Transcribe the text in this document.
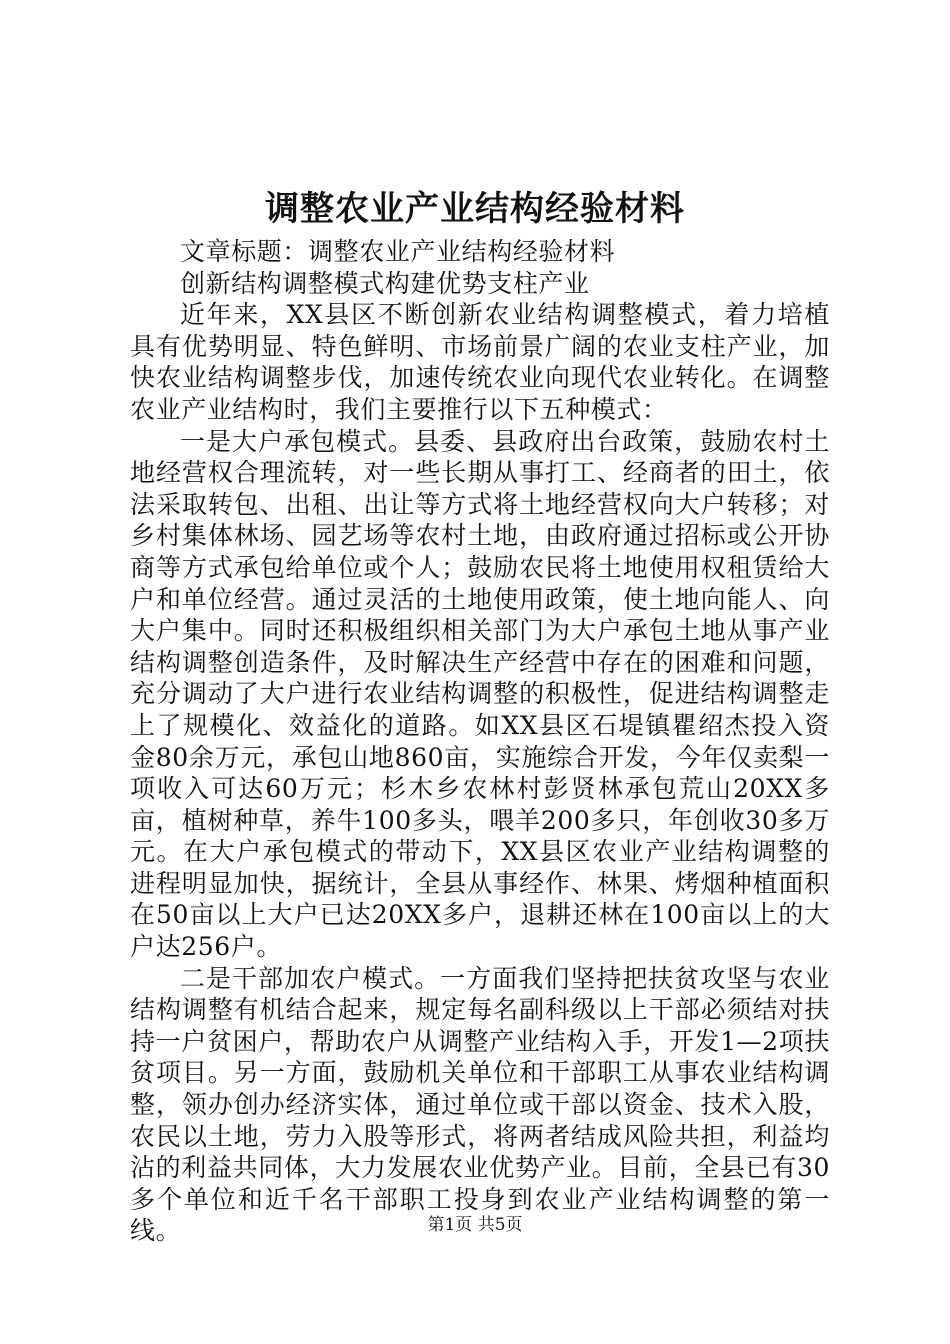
调整农业产业结构经验材料

文章标题：调整农业产业结构经验材料

创新结构调整模式构建优势支柱产业

近年来，XX县区不断创新农业结构调整模式，着力培植具有优势明显、特色鲜明、市场前景广阔的农业支柱产业，加快农业结构调整步伐，加速传统农业向现代农业转化。在调整农业产业结构时，我们主要推行以下五种模式：

一是大户承包模式。县委、县政府出台政策，鼓励农村土地经营权合理流转，对一些长期从事打工、经商者的田土，依法采取转包、出租、出让等方式将土地经营权向大户转移；对乡村集体林场、园艺场等农村土地，由政府通过招标或公开协商等方式承包给单位或个人；鼓励农民将土地使用权租赁给大户和单位经营。通过灵活的土地使用政策，使土地向能人、向大户集中。同时还积极组织相关部门为大户承包土地从事产业结构调整创造条件，及时解决生产经营中存在的困难和问题，充分调动了大户进行农业结构调整的积极性，促进结构调整走上了规模化、效益化的道路。如XX县区石堤镇瞿绍杰投入资金80余万元，承包山地860亩，实施综合开发，今年仅卖梨一项收入可达60万元；杉木乡农林村彭贤林承包荒山20XX多亩，植树种草，养牛100多头，喂羊200多只，年创收30多万元。在大户承包模式的带动下，XX县区农业产业结构调整的进程明显加快，据统计，全县从事经作、林果、烤烟种植面积在50亩以上大户已达20XX多户，退耕还林在100亩以上的大户达256户。

二是干部加农户模式。一方面我们坚持把扶贫攻坚与农业结构调整有机结合起来，规定每名副科级以上干部必须结对扶持一户贫困户，帮助农户从调整产业结构入手，开发1—2项扶贫项目。另一方面，鼓励机关单位和干部职工从事农业结构调整，领办创办经济实体，通过单位或干部以资金、技术入股，农民以土地，劳力入股等形式，将两者结成风险共担，利益均沾的利益共同体，大力发展农业优势产业。目前，全县已有30多个单位和近千名干部职工投身到农业产业结构调整的第一线。	第1页 共5页
